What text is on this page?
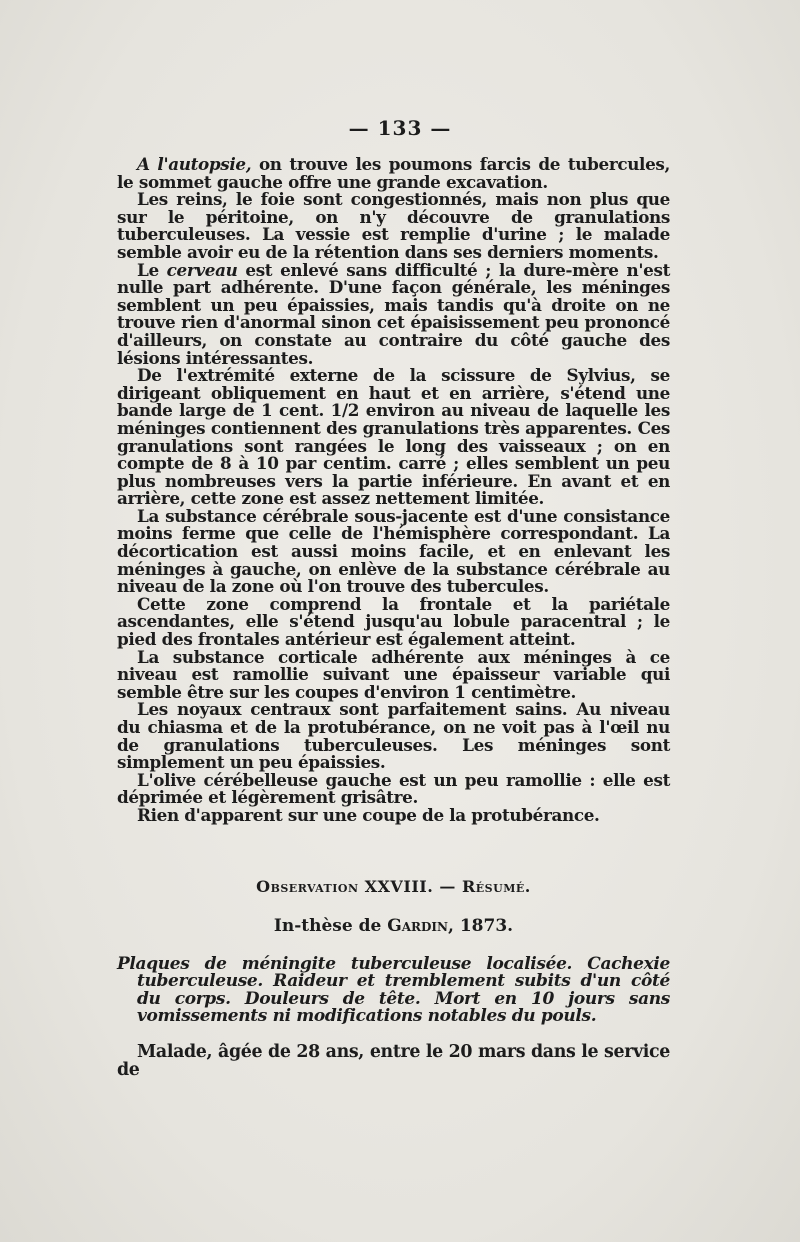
— 133 —

A l'autopsie, on trouve les poumons farcis de tubercules, le sommet gauche offre une grande excavation.

Les reins, le foie sont congestionnés, mais non plus que sur le péritoine, on n'y découvre de granulations tuberculeuses. La vessie est remplie d'urine ; le malade semble avoir eu de la rétention dans ses derniers moments.

Le cerveau est enlevé sans difficulté ; la dure-mère n'est nulle part adhérente. D'une façon générale, les méninges semblent un peu épaissies, mais tandis qu'à droite on ne trouve rien d'anormal sinon cet épaisissement peu prononcé d'ailleurs, on constate au contraire du côté gauche des lésions intéressantes.

De l'extrémité externe de la scissure de Sylvius, se dirigeant obliquement en haut et en arrière, s'étend une bande large de 1 cent. 1/2 environ au niveau de laquelle les méninges contiennent des granulations très apparentes. Ces granulations sont rangées le long des vaisseaux ; on en compte de 8 à 10 par centim. carré ; elles semblent un peu plus nombreuses vers la partie inférieure. En avant et en arrière, cette zone est assez nettement limitée.

La substance cérébrale sous-jacente est d'une consistance moins ferme que celle de l'hémisphère correspondant. La décortication est aussi moins facile, et en enlevant les méninges à gauche, on enlève de la substance cérébrale au niveau de la zone où l'on trouve des tubercules.

Cette zone comprend la frontale et la pariétale ascendantes, elle s'étend jusqu'au lobule paracentral ; le pied des frontales antérieur est également atteint.

La substance corticale adhérente aux méninges à ce niveau est ramollie suivant une épaisseur variable qui semble être sur les coupes d'environ 1 centimètre.

Les noyaux centraux sont parfaitement sains. Au niveau du chiasma et de la protubérance, on ne voit pas à l'œil nu de granulations tuberculeuses. Les méninges sont simplement un peu épaissies.

L'olive cérébelleuse gauche est un peu ramollie : elle est déprimée et légèrement grisâtre.

Rien d'apparent sur une coupe de la protubérance.

Observation XXVIII. — Résumé.
In-thèse de Gardin, 1873.

Plaques de méningite tuberculeuse localisée. Cachexie tuberculeuse. Raideur et tremblement subits d'un côté du corps. Douleurs de tête. Mort en 10 jours sans vomissements ni modifications notables du pouls.

Malade, âgée de 28 ans, entre le 20 mars dans le service de
